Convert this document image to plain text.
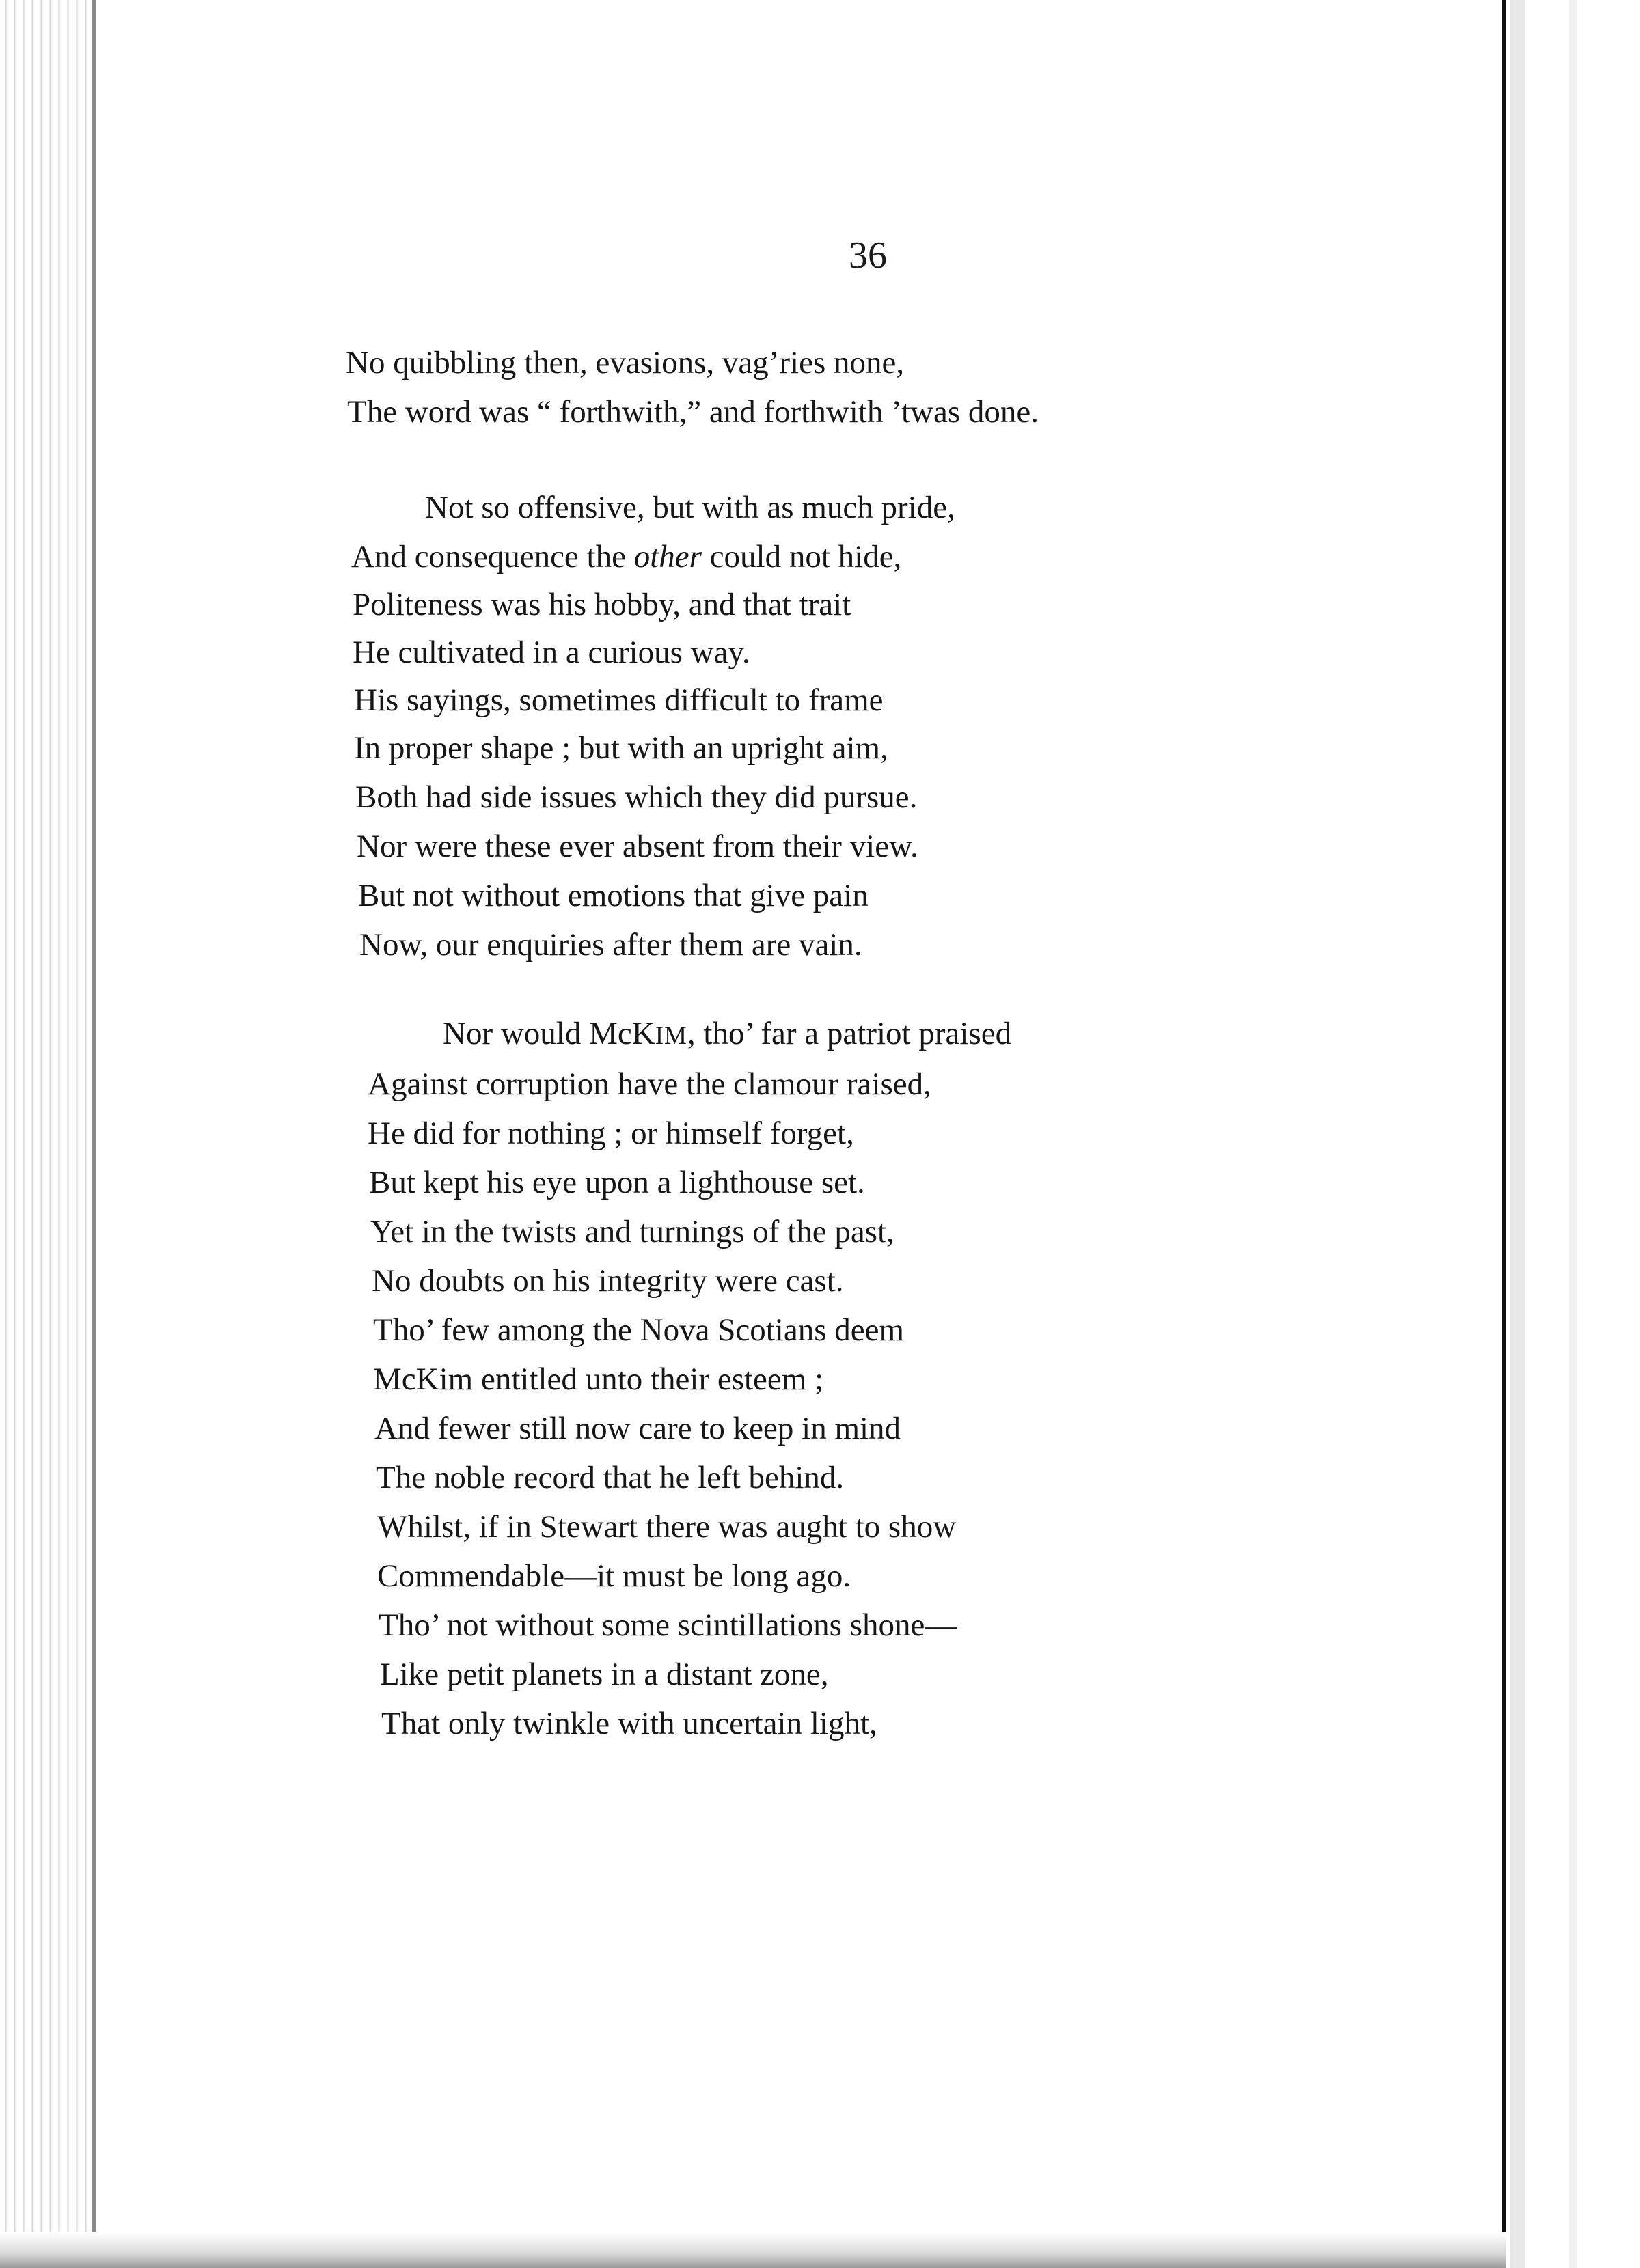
36
No quibbling then, evasions, vag’ries none,
The word was “ forthwith,” and forthwith ’twas done.
Not so offensive, but with as much pride,
And consequence the other could not hide,
Politeness was his hobby, and that trait
He cultivated in a curious way.
His sayings, sometimes difficult to frame
In proper shape ; but with an upright aim,
Both had side issues which they did pursue.
Nor were these ever absent from their view.
But not without emotions that give pain
Now, our enquiries after them are vain.
Nor would McKIM, tho’ far a patriot praised
Against corruption have the clamour raised,
He did for nothing ; or himself forget,
But kept his eye upon a lighthouse set.
Yet in the twists and turnings of the past,
No doubts on his integrity were cast.
Tho’ few among the Nova Scotians deem
McKim entitled unto their esteem ;
And fewer still now care to keep in mind
The noble record that he left behind.
Whilst, if in Stewart there was aught to show
Commendable—it must be long ago.
Tho’ not without some scintillations shone—
Like petit planets in a distant zone,
That only twinkle with uncertain light,
